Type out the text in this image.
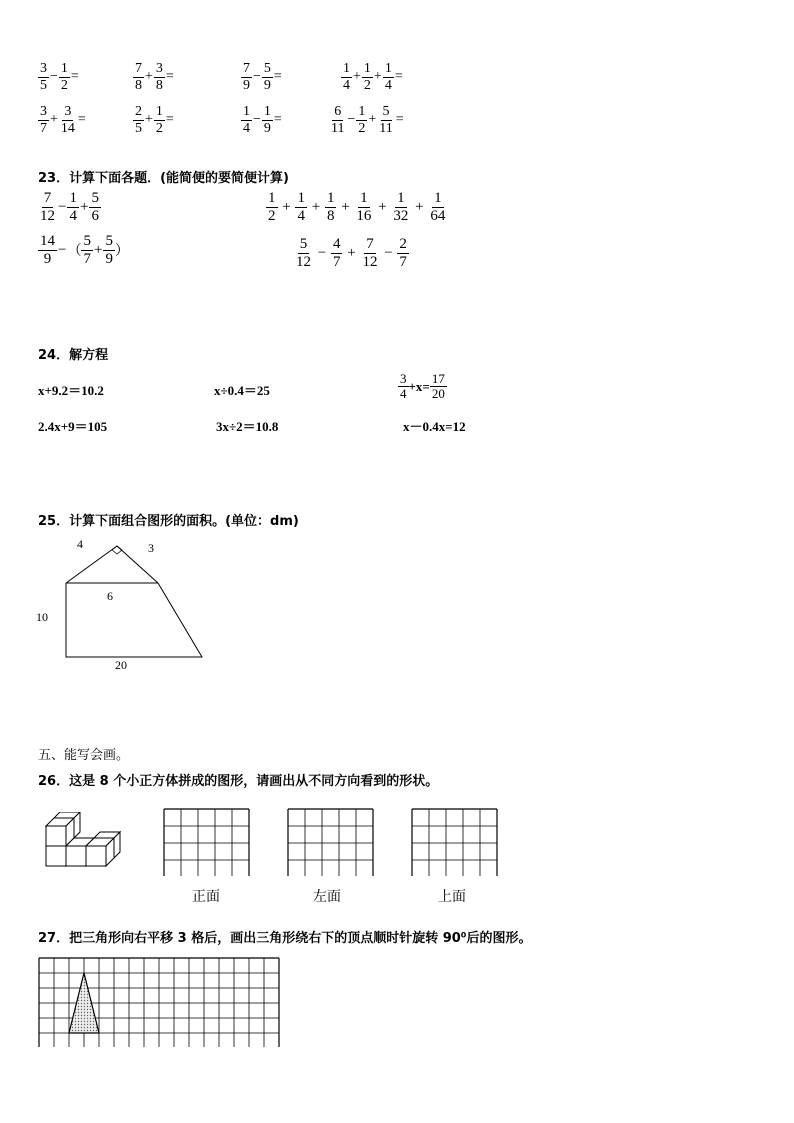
$\frac{3}{5} - \frac{1}{2}$ =	$\frac{7}{8} + \frac{3}{8}$ =	$\frac{7}{9} - \frac{5}{9}$ =	$\frac{1}{4} + \frac{1}{2} + \frac{1}{4}$ =
$\frac{3}{7} + \frac{3}{14}$ =	$\frac{2}{5} + \frac{1}{2}$ =	$\frac{1}{4} - \frac{1}{9}$ =	$\frac{6}{11} - \frac{1}{2} + \frac{5}{11}$ =
23．计算下面各题．(能简便的要简便计算)
$\frac{7}{12} - \frac{1}{4} + \frac{5}{6}$	$\frac{1}{2} + \frac{1}{4} + \frac{1}{8} + \frac{1}{16} + \frac{1}{32} + \frac{1}{64}$
$\frac{14}{9}$ − （ $\frac{5}{7} + \frac{5}{9}$ ）	$\frac{5}{12} - \frac{4}{7} + \frac{7}{12} - \frac{2}{7}$
24．解方程
x+9.2＝10.2	x÷0.4＝25	$\frac{3}{4} +x= \frac{17}{20}$
2.4x+9＝105	3x÷2＝10.8	x－0.4x=12
25．计算下面组合图形的面积。(单位：dm)
4	3
6
10
20
五、能写会画。
26．这是 8 个小正方体拼成的图形，请画出从不同方向看到的形状。
正面	左面	上面
27．把三角形向右平移 3 格后，画出三角形绕右下的顶点顺时针旋转 90⁰后的图形。
